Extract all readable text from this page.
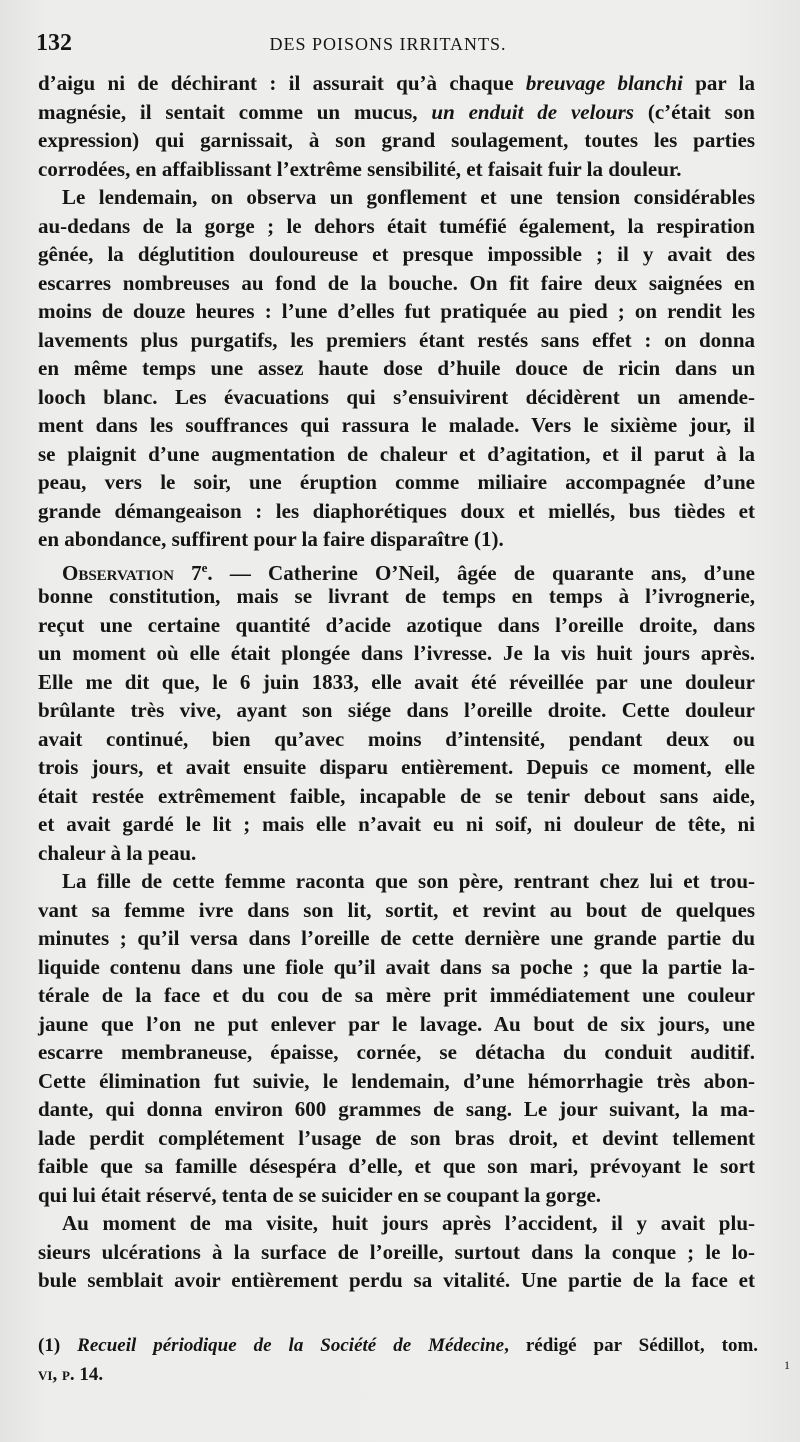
132	DES POISONS IRRITANTS.
d’aigu ni de déchirant : il assurait qu’à chaque breuvage blanchi par la
magnésie, il sentait comme un mucus, un enduit de velours (c’était son
expression) qui garnissait, à son grand soulagement, toutes les parties
corrodées, en affaiblissant l’extrême sensibilité, et faisait fuir la douleur.
Le lendemain, on observa un gonflement et une tension considérables
au-dedans de la gorge ; le dehors était tuméfié également, la respiration
gênée, la déglutition douloureuse et presque impossible ; il y avait des
escarres nombreuses au fond de la bouche. On fit faire deux saignées en
moins de douze heures : l’une d’elles fut pratiquée au pied ; on rendit les
lavements plus purgatifs, les premiers étant restés sans effet : on donna
en même temps une assez haute dose d’huile douce de ricin dans un
looch blanc. Les évacuations qui s’ensuivirent décidèrent un amende-
ment dans les souffrances qui rassura le malade. Vers le sixième jour, il
se plaignit d’une augmentation de chaleur et d’agitation, et il parut à la
peau, vers le soir, une éruption comme miliaire accompagnée d’une
grande démangeaison : les diaphorétiques doux et miellés, bus tièdes et
en abondance, suffirent pour la faire disparaître (1).
Observation 7e. — Catherine O’Neil, âgée de quarante ans, d’une
bonne constitution, mais se livrant de temps en temps à l’ivrognerie,
reçut une certaine quantité d’acide azotique dans l’oreille droite, dans
un moment où elle était plongée dans l’ivresse. Je la vis huit jours après.
Elle me dit que, le 6 juin 1833, elle avait été réveillée par une douleur
brûlante très vive, ayant son siége dans l’oreille droite. Cette douleur
avait continué, bien qu’avec moins d’intensité, pendant deux ou
trois jours, et avait ensuite disparu entièrement. Depuis ce moment, elle
était restée extrêmement faible, incapable de se tenir debout sans aide,
et avait gardé le lit ; mais elle n’avait eu ni soif, ni douleur de tête, ni
chaleur à la peau.
La fille de cette femme raconta que son père, rentrant chez lui et trou-
vant sa femme ivre dans son lit, sortit, et revint au bout de quelques
minutes ; qu’il versa dans l’oreille de cette dernière une grande partie du
liquide contenu dans une fiole qu’il avait dans sa poche ; que la partie la-
térale de la face et du cou de sa mère prit immédiatement une couleur
jaune que l’on ne put enlever par le lavage. Au bout de six jours, une
escarre membraneuse, épaisse, cornée, se détacha du conduit auditif.
Cette élimination fut suivie, le lendemain, d’une hémorrhagie très abon-
dante, qui donna environ 600 grammes de sang. Le jour suivant, la ma-
lade perdit complétement l’usage de son bras droit, et devint tellement
faible que sa famille désespéra d’elle, et que son mari, prévoyant le sort
qui lui était réservé, tenta de se suicider en se coupant la gorge.
Au moment de ma visite, huit jours après l’accident, il y avait plu-
sieurs ulcérations à la surface de l’oreille, surtout dans la conque ; le lo-
bule semblait avoir entièrement perdu sa vitalité. Une partie de la face et
(1) Recueil périodique de la Société de Médecine, rédigé par Sédillot, tom.
vi, p. 14.	1
